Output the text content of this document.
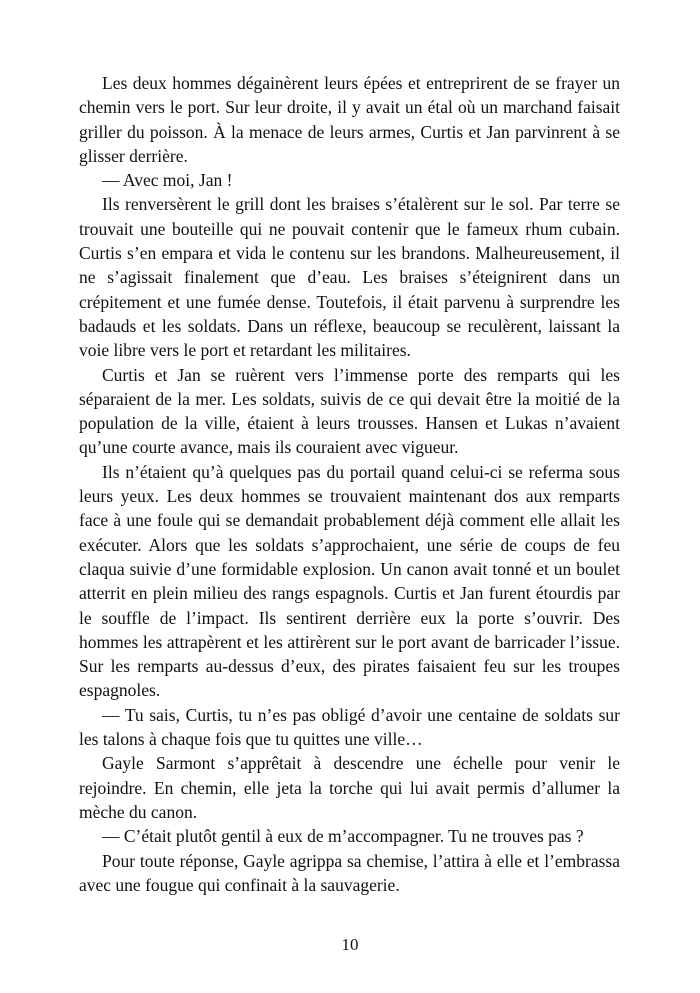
Les deux hommes dégainèrent leurs épées et entreprirent de se frayer un chemin vers le port. Sur leur droite, il y avait un étal où un marchand faisait griller du poisson. À la menace de leurs armes, Curtis et Jan parvinrent à se glisser derrière.

— Avec moi, Jan !

Ils renversèrent le grill dont les braises s’étalèrent sur le sol. Par terre se trouvait une bouteille qui ne pouvait contenir que le fameux rhum cubain. Curtis s’en empara et vida le contenu sur les brandons. Malheureusement, il ne s’agissait finalement que d’eau. Les braises s’éteignirent dans un crépitement et une fumée dense. Toutefois, il était parvenu à surprendre les badauds et les soldats. Dans un réflexe, beaucoup se reculèrent, laissant la voie libre vers le port et retardant les militaires.

Curtis et Jan se ruèrent vers l’immense porte des remparts qui les séparaient de la mer. Les soldats, suivis de ce qui devait être la moitié de la population de la ville, étaient à leurs trousses. Hansen et Lukas n’avaient qu’une courte avance, mais ils couraient avec vigueur.

Ils n’étaient qu’à quelques pas du portail quand celui-ci se referma sous leurs yeux. Les deux hommes se trouvaient maintenant dos aux remparts face à une foule qui se demandait probablement déjà comment elle allait les exécuter. Alors que les soldats s’approchaient, une série de coups de feu claqua suivie d’une formidable explosion. Un canon avait tonné et un boulet atterrit en plein milieu des rangs espagnols. Curtis et Jan furent étourdis par le souffle de l’impact. Ils sentirent derrière eux la porte s’ouvrir. Des hommes les attrapèrent et les attirèrent sur le port avant de barricader l’issue. Sur les remparts au-dessus d’eux, des pirates faisaient feu sur les troupes espagnoles.

— Tu sais, Curtis, tu n’es pas obligé d’avoir une centaine de soldats sur les talons à chaque fois que tu quittes une ville…

Gayle Sarmont s’apprêtait à descendre une échelle pour venir le rejoindre. En chemin, elle jeta la torche qui lui avait permis d’allumer la mèche du canon.

— C’était plutôt gentil à eux de m’accompagner. Tu ne trouves pas ?

Pour toute réponse, Gayle agrippa sa chemise, l’attira à elle et l’embrassa avec une fougue qui confinait à la sauvagerie.

10
